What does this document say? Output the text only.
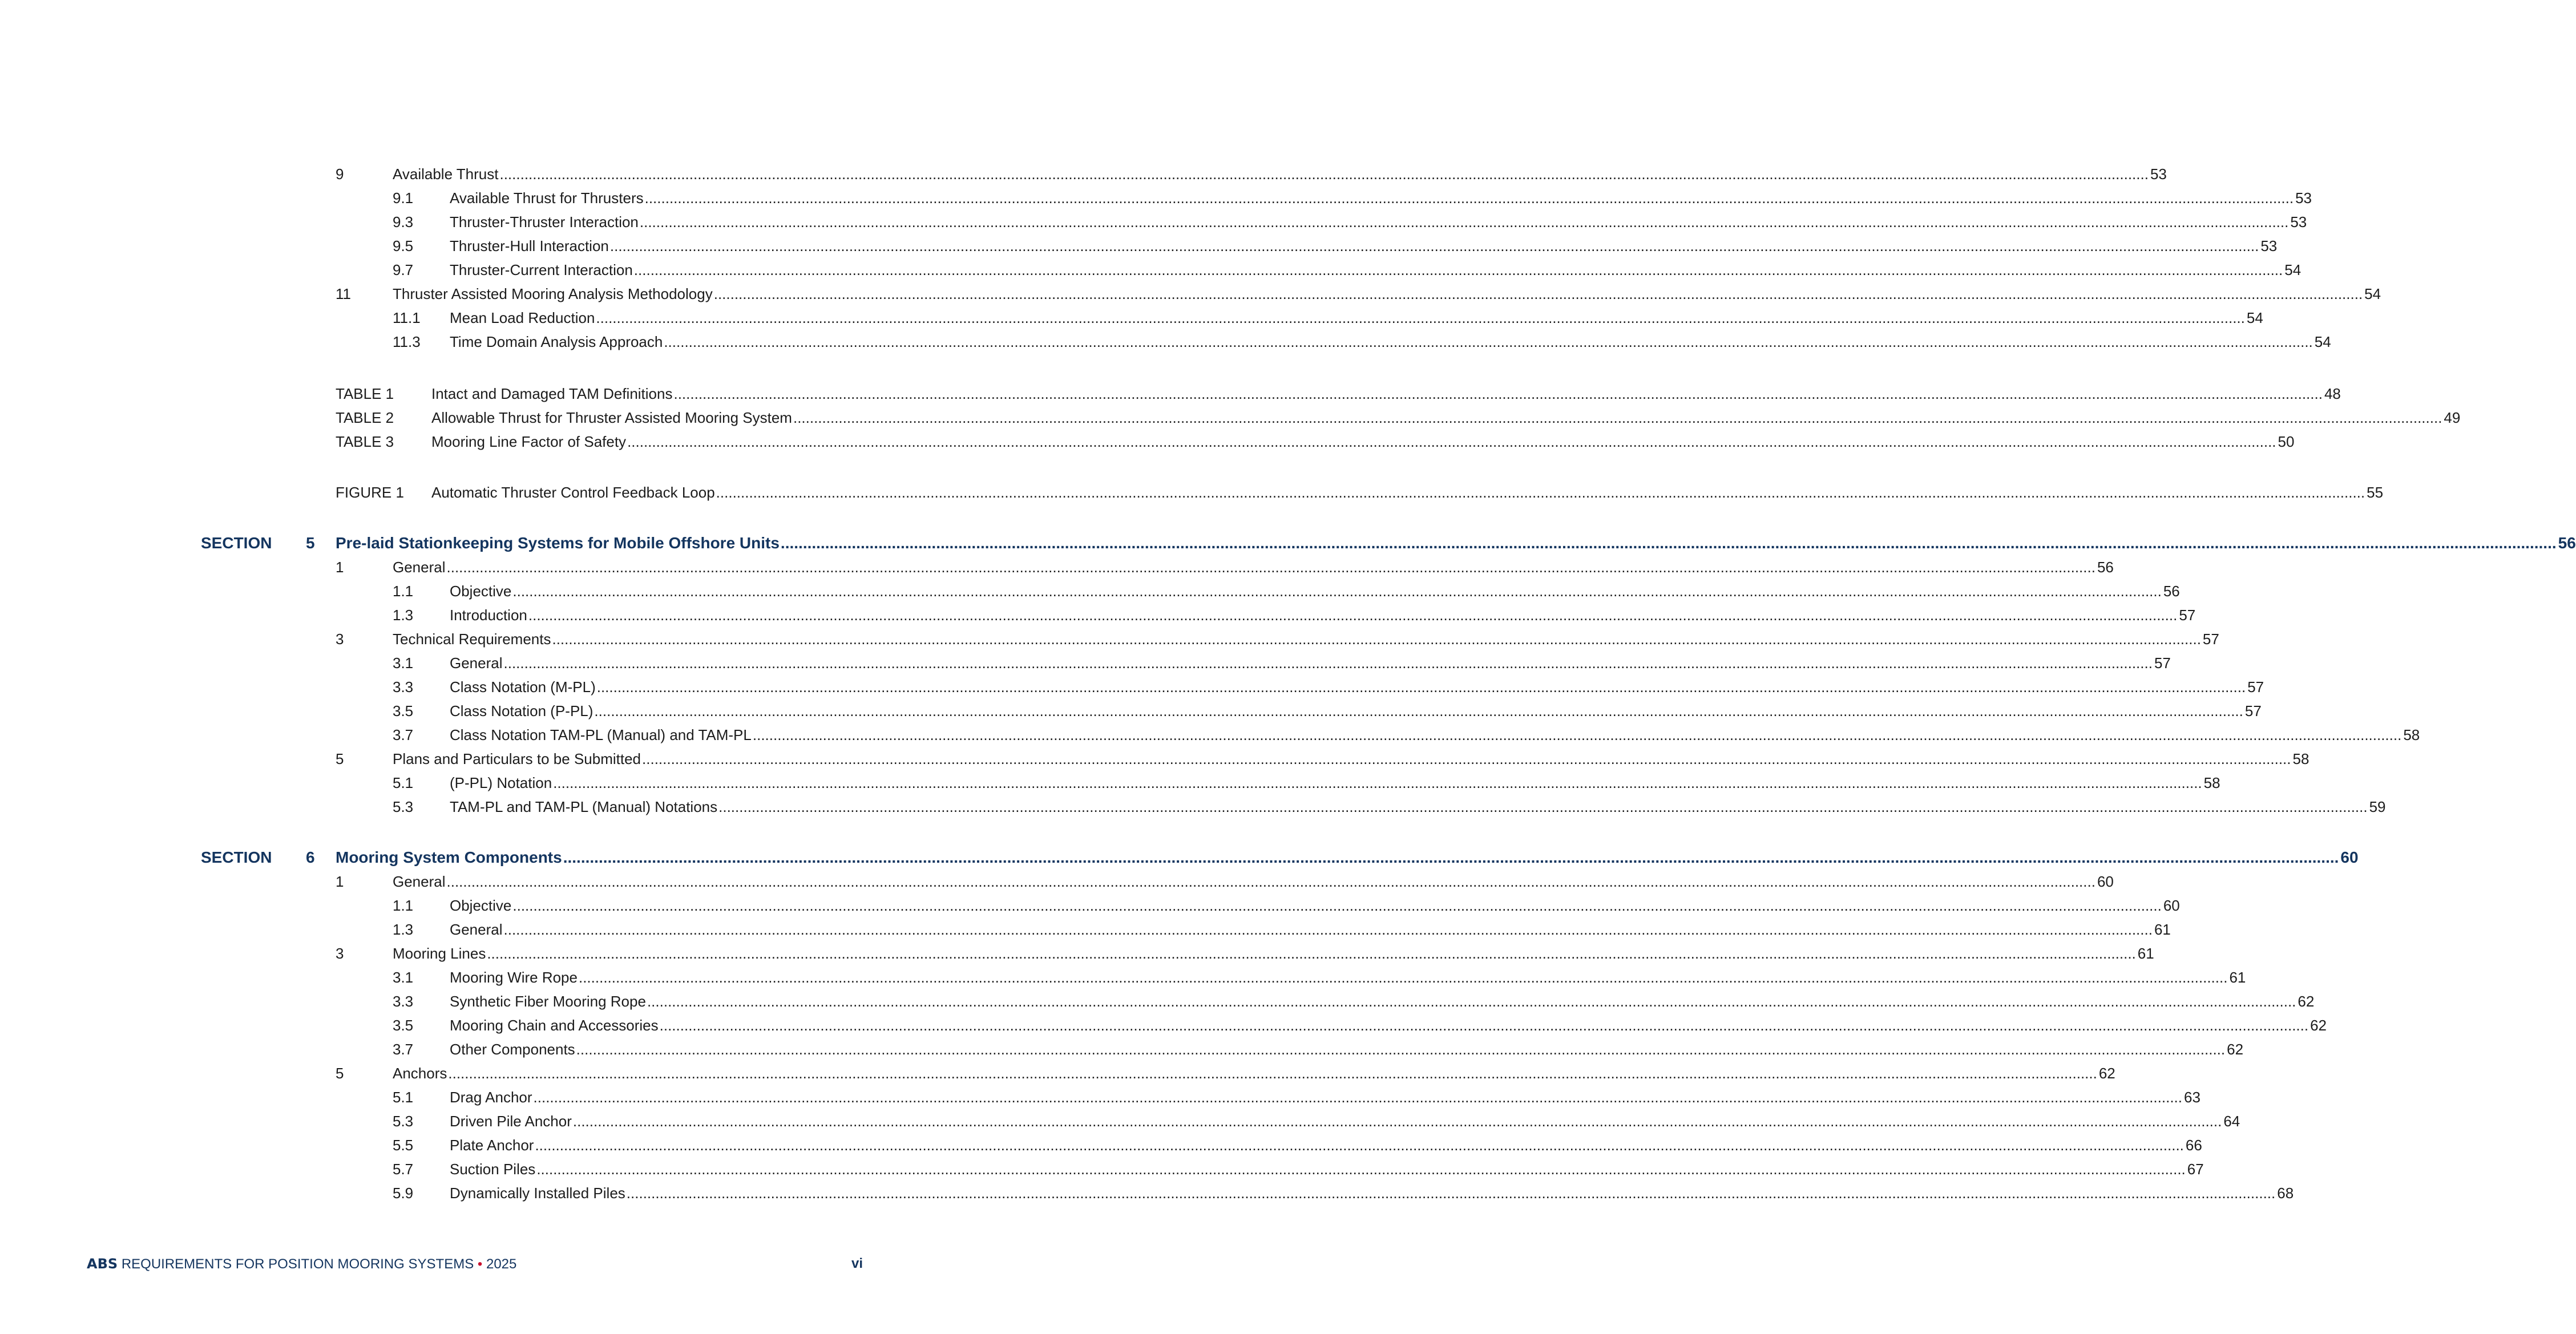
9	Available Thrust ................................................................................................................................................................................................................................................................................................................................................................................................................ 53
9.1 Available Thrust for Thrusters ................................................................................................................................................................................................................................................................................................................................................................................................................ 53
9.3 Thruster-Thruster Interaction ................................................................................................................................................................................................................................................................................................................................................................................................................ 53
9.5 Thruster-Hull Interaction ................................................................................................................................................................................................................................................................................................................................................................................................................ 53
9.7 Thruster-Current Interaction ................................................................................................................................................................................................................................................................................................................................................................................................................ 54
11	Thruster Assisted Mooring Analysis Methodology ................................................................................................................................................................................................................................................................................................................................................................................................................ 54
11.1 Mean Load Reduction ................................................................................................................................................................................................................................................................................................................................................................................................................ 54
11.3 Time Domain Analysis Approach ................................................................................................................................................................................................................................................................................................................................................................................................................ 54
TABLE 1	Intact and Damaged TAM Definitions ................................................................................................................................................................................................................................................................................................................................................................................................................ 48
TABLE 2	Allowable Thrust for Thruster Assisted Mooring System ................................................................................................................................................................................................................................................................................................................................................................................................................ 49
TABLE 3	Mooring Line Factor of Safety ................................................................................................................................................................................................................................................................................................................................................................................................................ 50
FIGURE 1 Automatic Thruster Control Feedback Loop ................................................................................................................................................................................................................................................................................................................................................................................................................ 55
SECTION 5 Pre-laid Stationkeeping Systems for Mobile Offshore Units ................................................................................................................................................................................................................................................................................................................................................................................................................ 56
1	General ................................................................................................................................................................................................................................................................................................................................................................................................................ 56
1.1 Objective ................................................................................................................................................................................................................................................................................................................................................................................................................ 56
1.3 Introduction ................................................................................................................................................................................................................................................................................................................................................................................................................ 57
3	Technical Requirements ................................................................................................................................................................................................................................................................................................................................................................................................................ 57
3.1 General ................................................................................................................................................................................................................................................................................................................................................................................................................ 57
3.3 Class Notation (M-PL) ................................................................................................................................................................................................................................................................................................................................................................................................................ 57
3.5 Class Notation (P-PL) ................................................................................................................................................................................................................................................................................................................................................................................................................ 57
3.7 Class Notation TAM-PL (Manual) and TAM-PL ................................................................................................................................................................................................................................................................................................................................................................................................................ 58
5	Plans and Particulars to be Submitted ................................................................................................................................................................................................................................................................................................................................................................................................................ 58
5.1 (P-PL) Notation ................................................................................................................................................................................................................................................................................................................................................................................................................ 58
5.3 TAM-PL and TAM-PL (Manual) Notations ................................................................................................................................................................................................................................................................................................................................................................................................................ 59
SECTION 6 Mooring System Components ................................................................................................................................................................................................................................................................................................................................................................................................................ 60
1	General ................................................................................................................................................................................................................................................................................................................................................................................................................ 60
1.1 Objective ................................................................................................................................................................................................................................................................................................................................................................................................................ 60
1.3 General ................................................................................................................................................................................................................................................................................................................................................................................................................ 61
3	Mooring Lines ................................................................................................................................................................................................................................................................................................................................................................................................................ 61
3.1 Mooring Wire Rope ................................................................................................................................................................................................................................................................................................................................................................................................................ 61
3.3 Synthetic Fiber Mooring Rope ................................................................................................................................................................................................................................................................................................................................................................................................................ 62
3.5 Mooring Chain and Accessories ................................................................................................................................................................................................................................................................................................................................................................................................................ 62
3.7 Other Components ................................................................................................................................................................................................................................................................................................................................................................................................................ 62
5	Anchors ................................................................................................................................................................................................................................................................................................................................................................................................................ 62
5.1 Drag Anchor ................................................................................................................................................................................................................................................................................................................................................................................................................ 63
5.3 Driven Pile Anchor ................................................................................................................................................................................................................................................................................................................................................................................................................ 64
5.5 Plate Anchor ................................................................................................................................................................................................................................................................................................................................................................................................................ 66
5.7 Suction Piles ................................................................................................................................................................................................................................................................................................................................................................................................................ 67
5.9 Dynamically Installed Piles ................................................................................................................................................................................................................................................................................................................................................................................................................ 68
ABS REQUIREMENTS FOR POSITION MOORING SYSTEMS • 2025	vi
